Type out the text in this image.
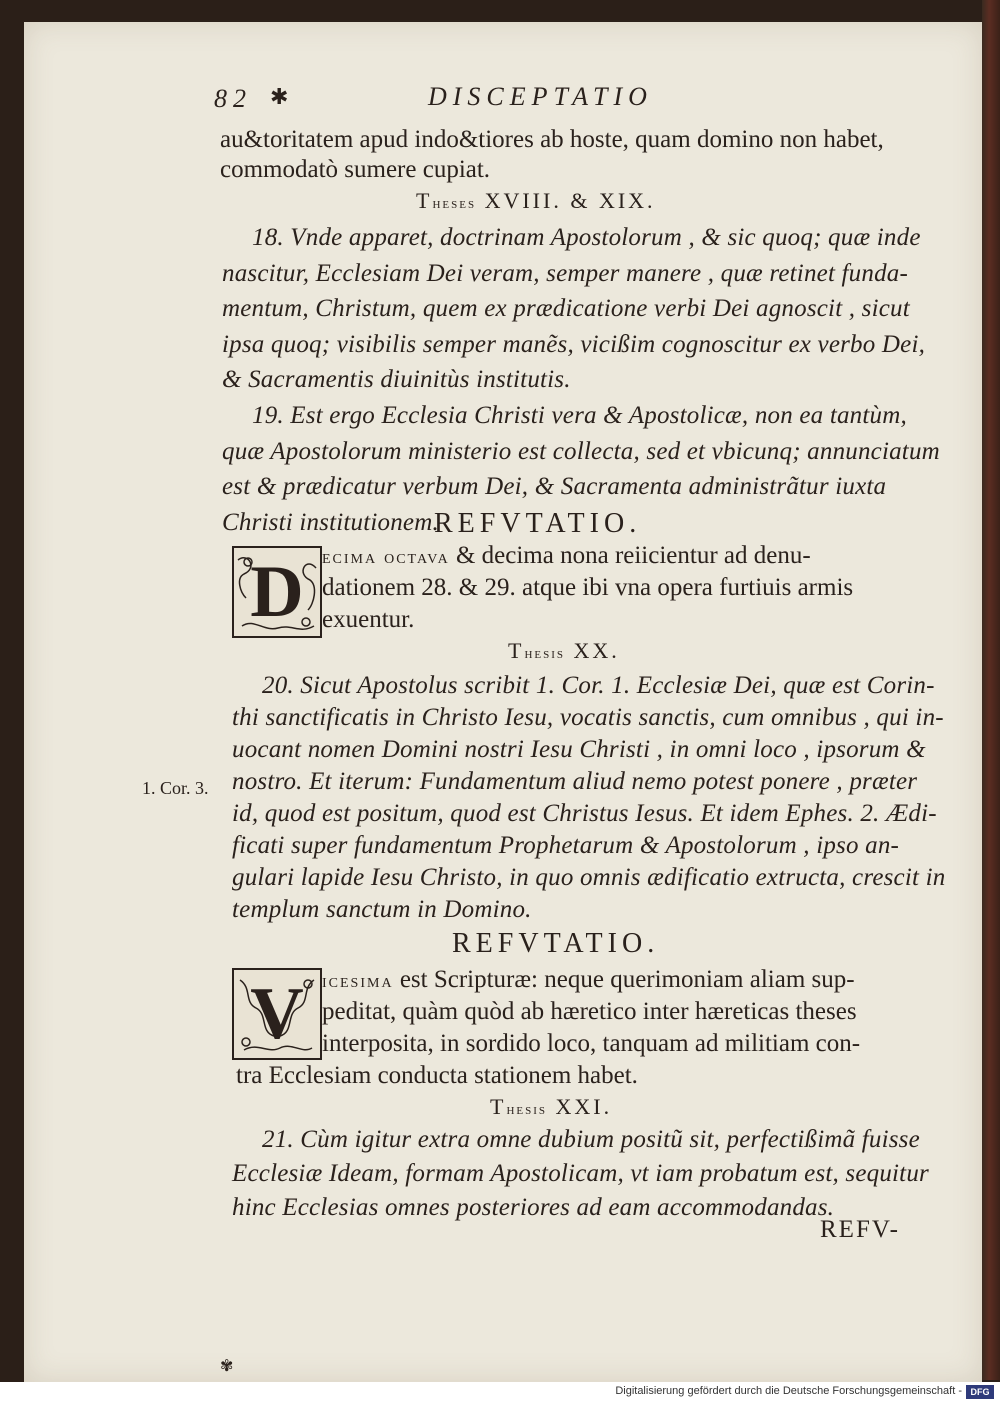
82 ✱	DISCEPTATIO
au&toritatem apud indo&tiores ab hoste, quam domino non habet,
commodatò sumere cupiat.
Theses XVIII. & XIX.
18. Vnde apparet, doctrinam Apostolorum , & sic quoq; quæ inde
nascitur, Ecclesiam Dei veram, semper manere , quæ retinet funda-
mentum, Christum, quem ex prædicatione verbi Dei agnoscit , sicut
ipsa quoq; visibilis semper manẽs, vicißim cognoscitur ex verbo Dei,
& Sacramentis diuinitùs institutis.
19. Est ergo Ecclesia Christi vera & Apostolicæ, non ea tantùm,
quæ Apostolorum ministerio est collecta, sed et vbicunq; annunciatum
est & prædicatur verbum Dei, & Sacramenta administrãtur iuxta
Christi institutionem.
REFVTATIO.
D ecima octava & decima nona reiicientur ad denu-
dationem 28. & 29. atque ibi vna opera furtiuis armis
exuentur.
Thesis XX.
1. Cor. 3.
20. Sicut Apostolus scribit 1. Cor. 1. Ecclesiæ Dei, quæ est Corin-
thi sanctificatis in Christo Iesu, vocatis sanctis, cum omnibus , qui in-
uocant nomen Domini nostri Iesu Christi , in omni loco , ipsorum &
nostro. Et iterum: Fundamentum aliud nemo potest ponere , præter
id, quod est positum, quod est Christus Iesus. Et idem Ephes. 2. Ædi-
ficati super fundamentum Prophetarum & Apostolorum , ipso an-
gulari lapide Iesu Christo, in quo omnis ædificatio extructa, crescit in
templum sanctum in Domino.
REFVTATIO.
V icesima est Scripturæ: neque querimoniam aliam sup-
peditat, quàm quòd ab hæretico inter hæreticas theses
interposita, in sordido loco, tanquam ad militiam con-
tra Ecclesiam conducta stationem habet.
Thesis XXI.
21. Cùm igitur extra omne dubium positũ sit, perfectißimã fuisse
Ecclesiæ Ideam, formam Apostolicam, vt iam probatum est, sequitur
hinc Ecclesias omnes posteriores ad eam accommodandas.
REFV-
✾
Digitalisierung gefördert durch die Deutsche Forschungsgemeinschaft - DFG
